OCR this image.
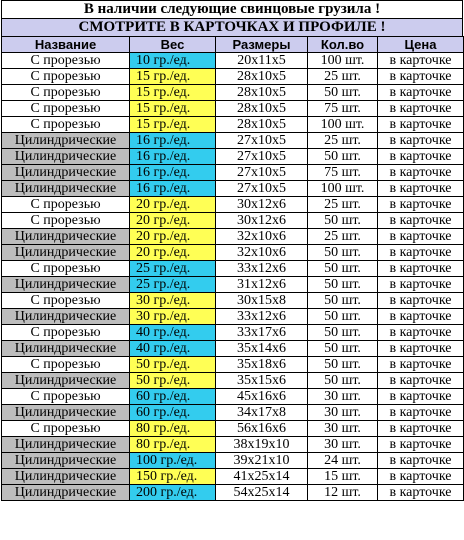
В наличии следующие свинцовые грузила !
СМОТРИТЕ В КАРТОЧКАХ И ПРОФИЛЕ !
Название	Вес	Размеры	Кол.во	Цена
С прорезью	10 гр./ед.	20х11х5	100 шт.	в карточке
С прорезью	15 гр./ед.	28х10х5	25 шт.	в карточке
С прорезью	15 гр./ед.	28х10х5	50 шт.	в карточке
С прорезью	15 гр./ед.	28х10х5	75 шт.	в карточке
С прорезью	15 гр./ед.	28х10х5	100 шт.	в карточке
Цилиндрические	16 гр./ед.	27х10х5	25 шт.	в карточке
Цилиндрические	16 гр./ед.	27х10х5	50 шт.	в карточке
Цилиндрические	16 гр./ед.	27х10х5	75 шт.	в карточке
Цилиндрические	16 гр./ед.	27х10х5	100 шт.	в карточке
С прорезью	20 гр./ед.	30х12х6	25 шт.	в карточке
С прорезью	20 гр./ед.	30х12х6	50 шт.	в карточке
Цилиндрические	20 гр./ед.	32х10х6	25 шт.	в карточке
Цилиндрические	20 гр./ед.	32х10х6	50 шт.	в карточке
С прорезью	25 гр./ед.	33х12х6	50 шт.	в карточке
Цилиндрические	25 гр./ед.	31х12х6	50 шт.	в карточке
С прорезью	30 гр./ед.	30х15х8	50 шт.	в карточке
Цилиндрические	30 гр./ед.	33х12х6	50 шт.	в карточке
С прорезью	40 гр./ед.	33х17х6	50 шт.	в карточке
Цилиндрические	40 гр./ед.	35х14х6	50 шт.	в карточке
С прорезью	50 гр./ед.	35х18х6	50 шт.	в карточке
Цилиндрические	50 гр./ед.	35х15х6	50 шт.	в карточке
С прорезью	60 гр./ед.	45х16х6	30 шт.	в карточке
Цилиндрические	60 гр./ед.	34х17х8	30 шт.	в карточке
С прорезью	80 гр./ед.	56х16х6	30 шт.	в карточке
Цилиндрические	80 гр./ед.	38х19х10	30 шт.	в карточке
Цилиндрические	100 гр./ед.	39х21х10	24 шт.	в карточке
Цилиндрические	150 гр./ед.	41х25х14	15 шт.	в карточке
Цилиндрические	200 гр./ед.	54х25х14	12 шт.	в карточке
